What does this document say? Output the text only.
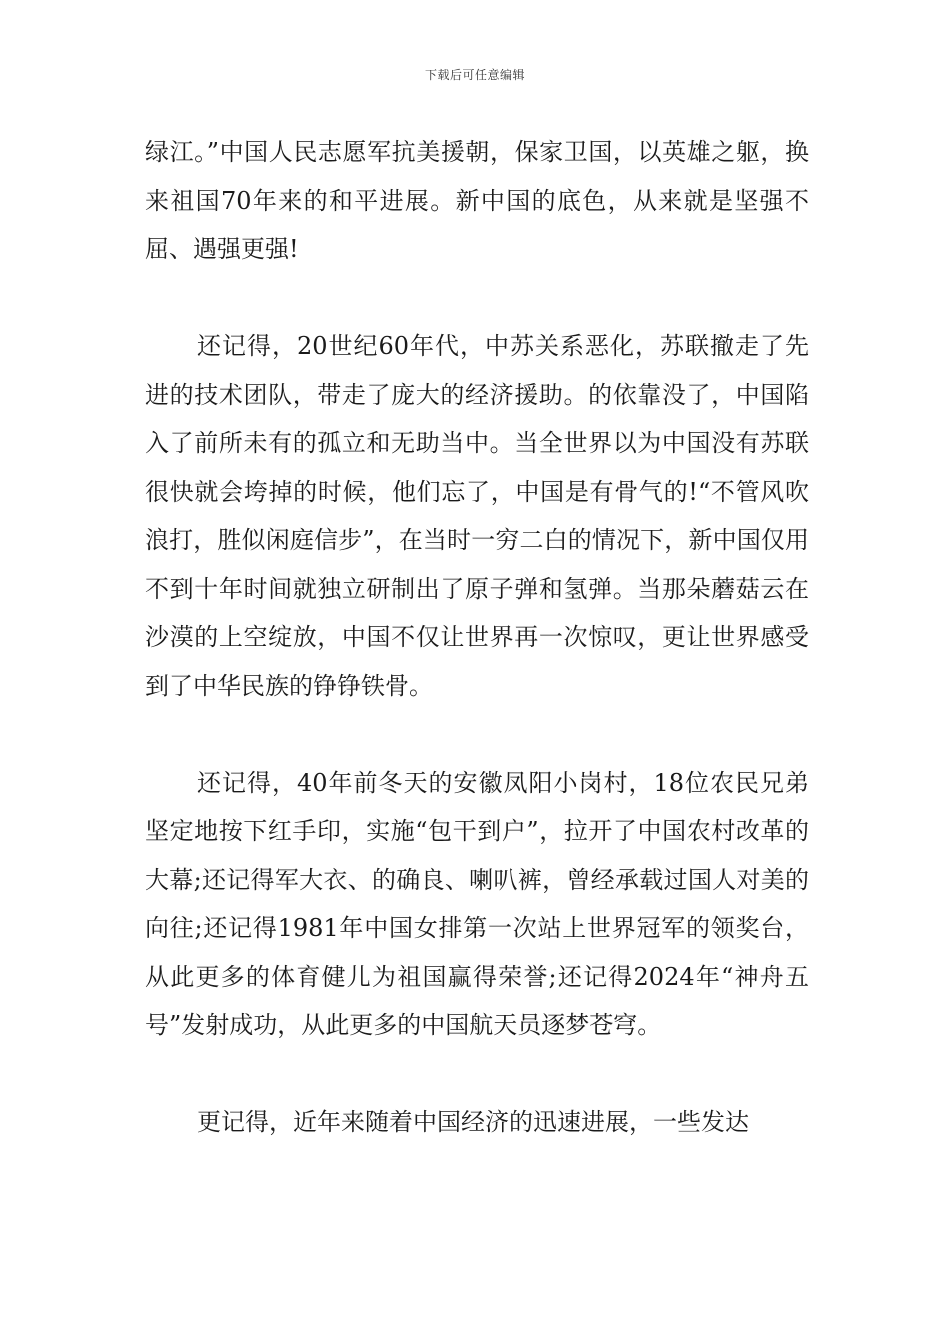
下载后可任意编辑

绿江。”中国人民志愿军抗美援朝，保家卫国，以英雄之躯，换来祖国70年来的和平进展。新中国的底色，从来就是坚强不屈、遇强更强!

还记得，20世纪60年代，中苏关系恶化，苏联撤走了先进的技术团队，带走了庞大的经济援助。的依靠没了，中国陷入了前所未有的孤立和无助当中。当全世界以为中国没有苏联很快就会垮掉的时候，他们忘了，中国是有骨气的!“不管风吹浪打，胜似闲庭信步”，在当时一穷二白的情况下，新中国仅用不到十年时间就独立研制出了原子弹和氢弹。当那朵蘑菇云在沙漠的上空绽放，中国不仅让世界再一次惊叹，更让世界感受到了中华民族的铮铮铁骨。

还记得，40年前冬天的安徽凤阳小岗村，18位农民兄弟坚定地按下红手印，实施“包干到户”，拉开了中国农村改革的大幕;还记得军大衣、的确良、喇叭裤，曾经承载过国人对美的向往;还记得1981年中国女排第一次站上世界冠军的领奖台，从此更多的体育健儿为祖国赢得荣誉;还记得2024年“神舟五号”发射成功，从此更多的中国航天员逐梦苍穹。

更记得，近年来随着中国经济的迅速进展，一些发达
